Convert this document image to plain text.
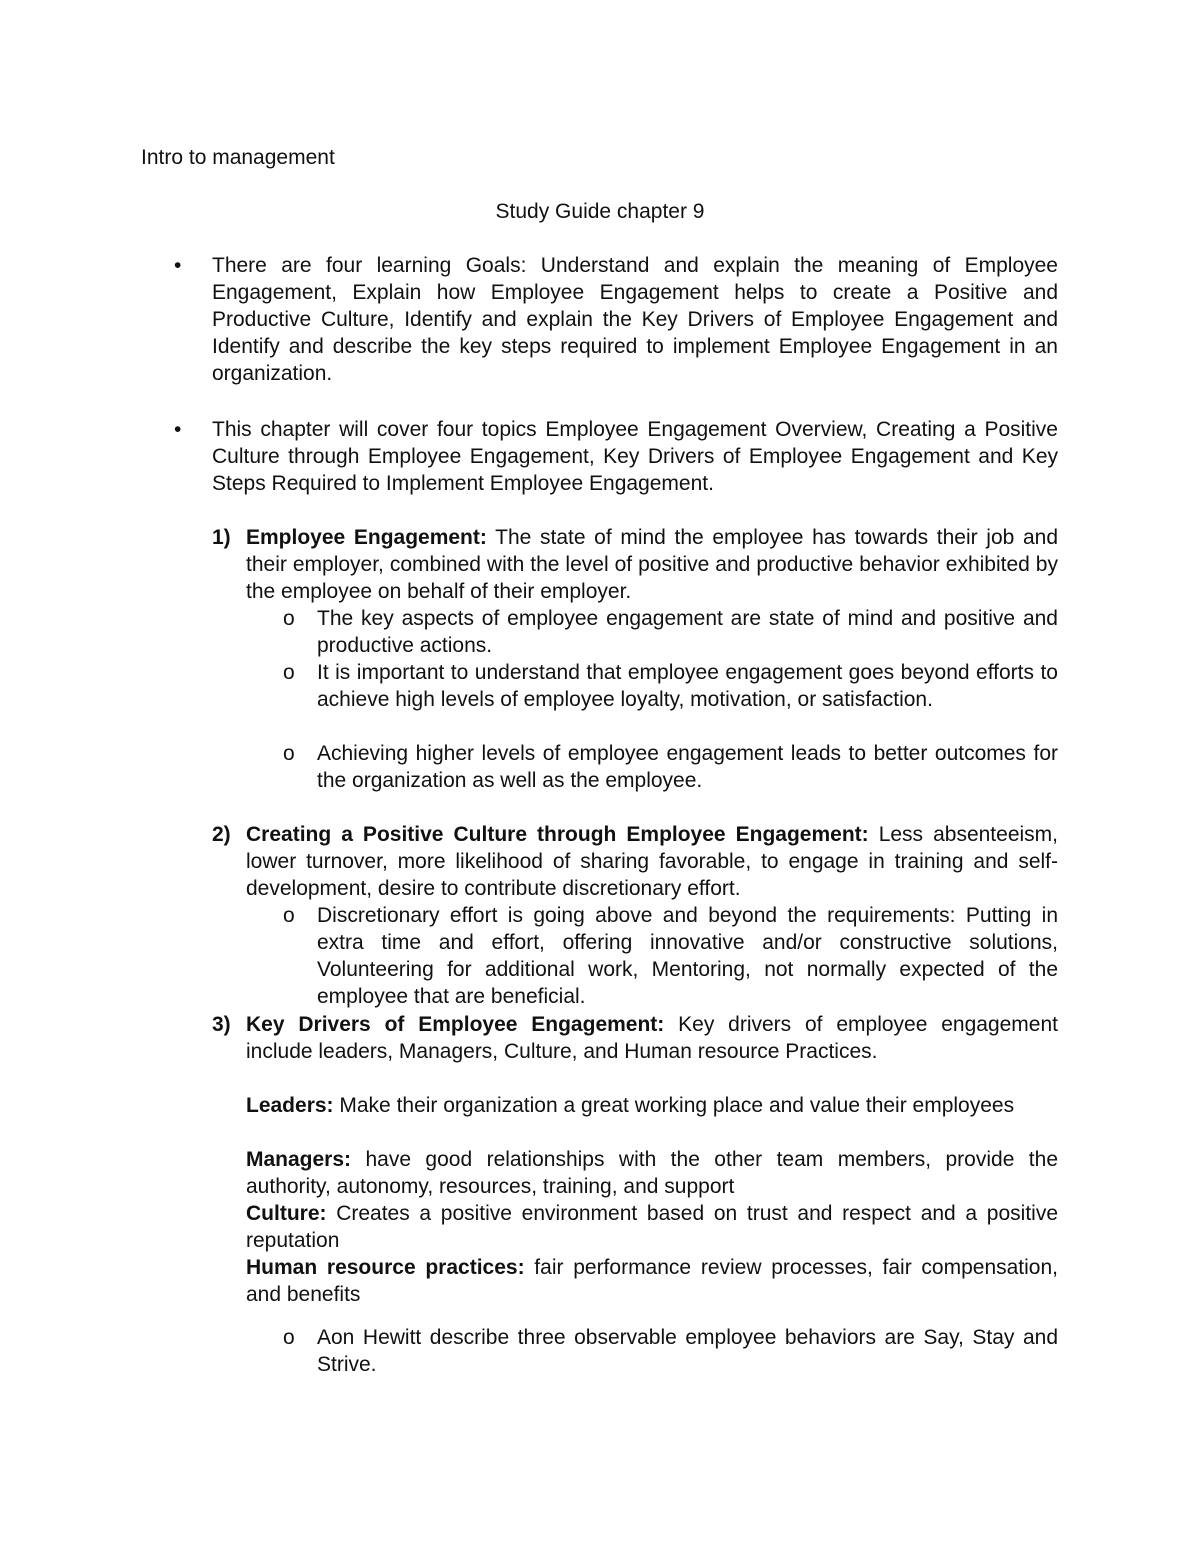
Intro to management

Study Guide chapter 9

•	There are four learning Goals: Understand and explain the meaning of Employee Engagement, Explain how Employee Engagement helps to create a Positive and Productive Culture, Identify and explain the Key Drivers of Employee Engagement and Identify and describe the key steps required to implement Employee Engagement in an organization.
•	This chapter will cover four topics Employee Engagement Overview, Creating a Positive Culture through Employee Engagement, Key Drivers of Employee Engagement and Key Steps Required to Implement Employee Engagement.
1) Employee Engagement: The state of mind the employee has towards their job and their employer, combined with the level of positive and productive behavior exhibited by the employee on behalf of their employer.
o The key aspects of employee engagement are state of mind and positive and productive actions.
o It is important to understand that employee engagement goes beyond efforts to achieve high levels of employee loyalty, motivation, or satisfaction.
o Achieving higher levels of employee engagement leads to better outcomes for the organization as well as the employee.
2) Creating a Positive Culture through Employee Engagement: Less absenteeism, lower turnover, more likelihood of sharing favorable, to engage in training and self-development, desire to contribute discretionary effort.
o Discretionary effort is going above and beyond the requirements: Putting in extra time and effort, offering innovative and/or constructive solutions, Volunteering for additional work, Mentoring, not normally expected of the employee that are beneficial.
3) Key Drivers of Employee Engagement: Key drivers of employee engagement include leaders, Managers, Culture, and Human resource Practices.
Leaders: Make their organization a great working place and value their employees
Managers: have good relationships with the other team members, provide the authority, autonomy, resources, training, and support
Culture: Creates a positive environment based on trust and respect and a positive reputation
Human resource practices: fair performance review processes, fair compensation, and benefits
o Aon Hewitt describe three observable employee behaviors are Say, Stay and Strive.
